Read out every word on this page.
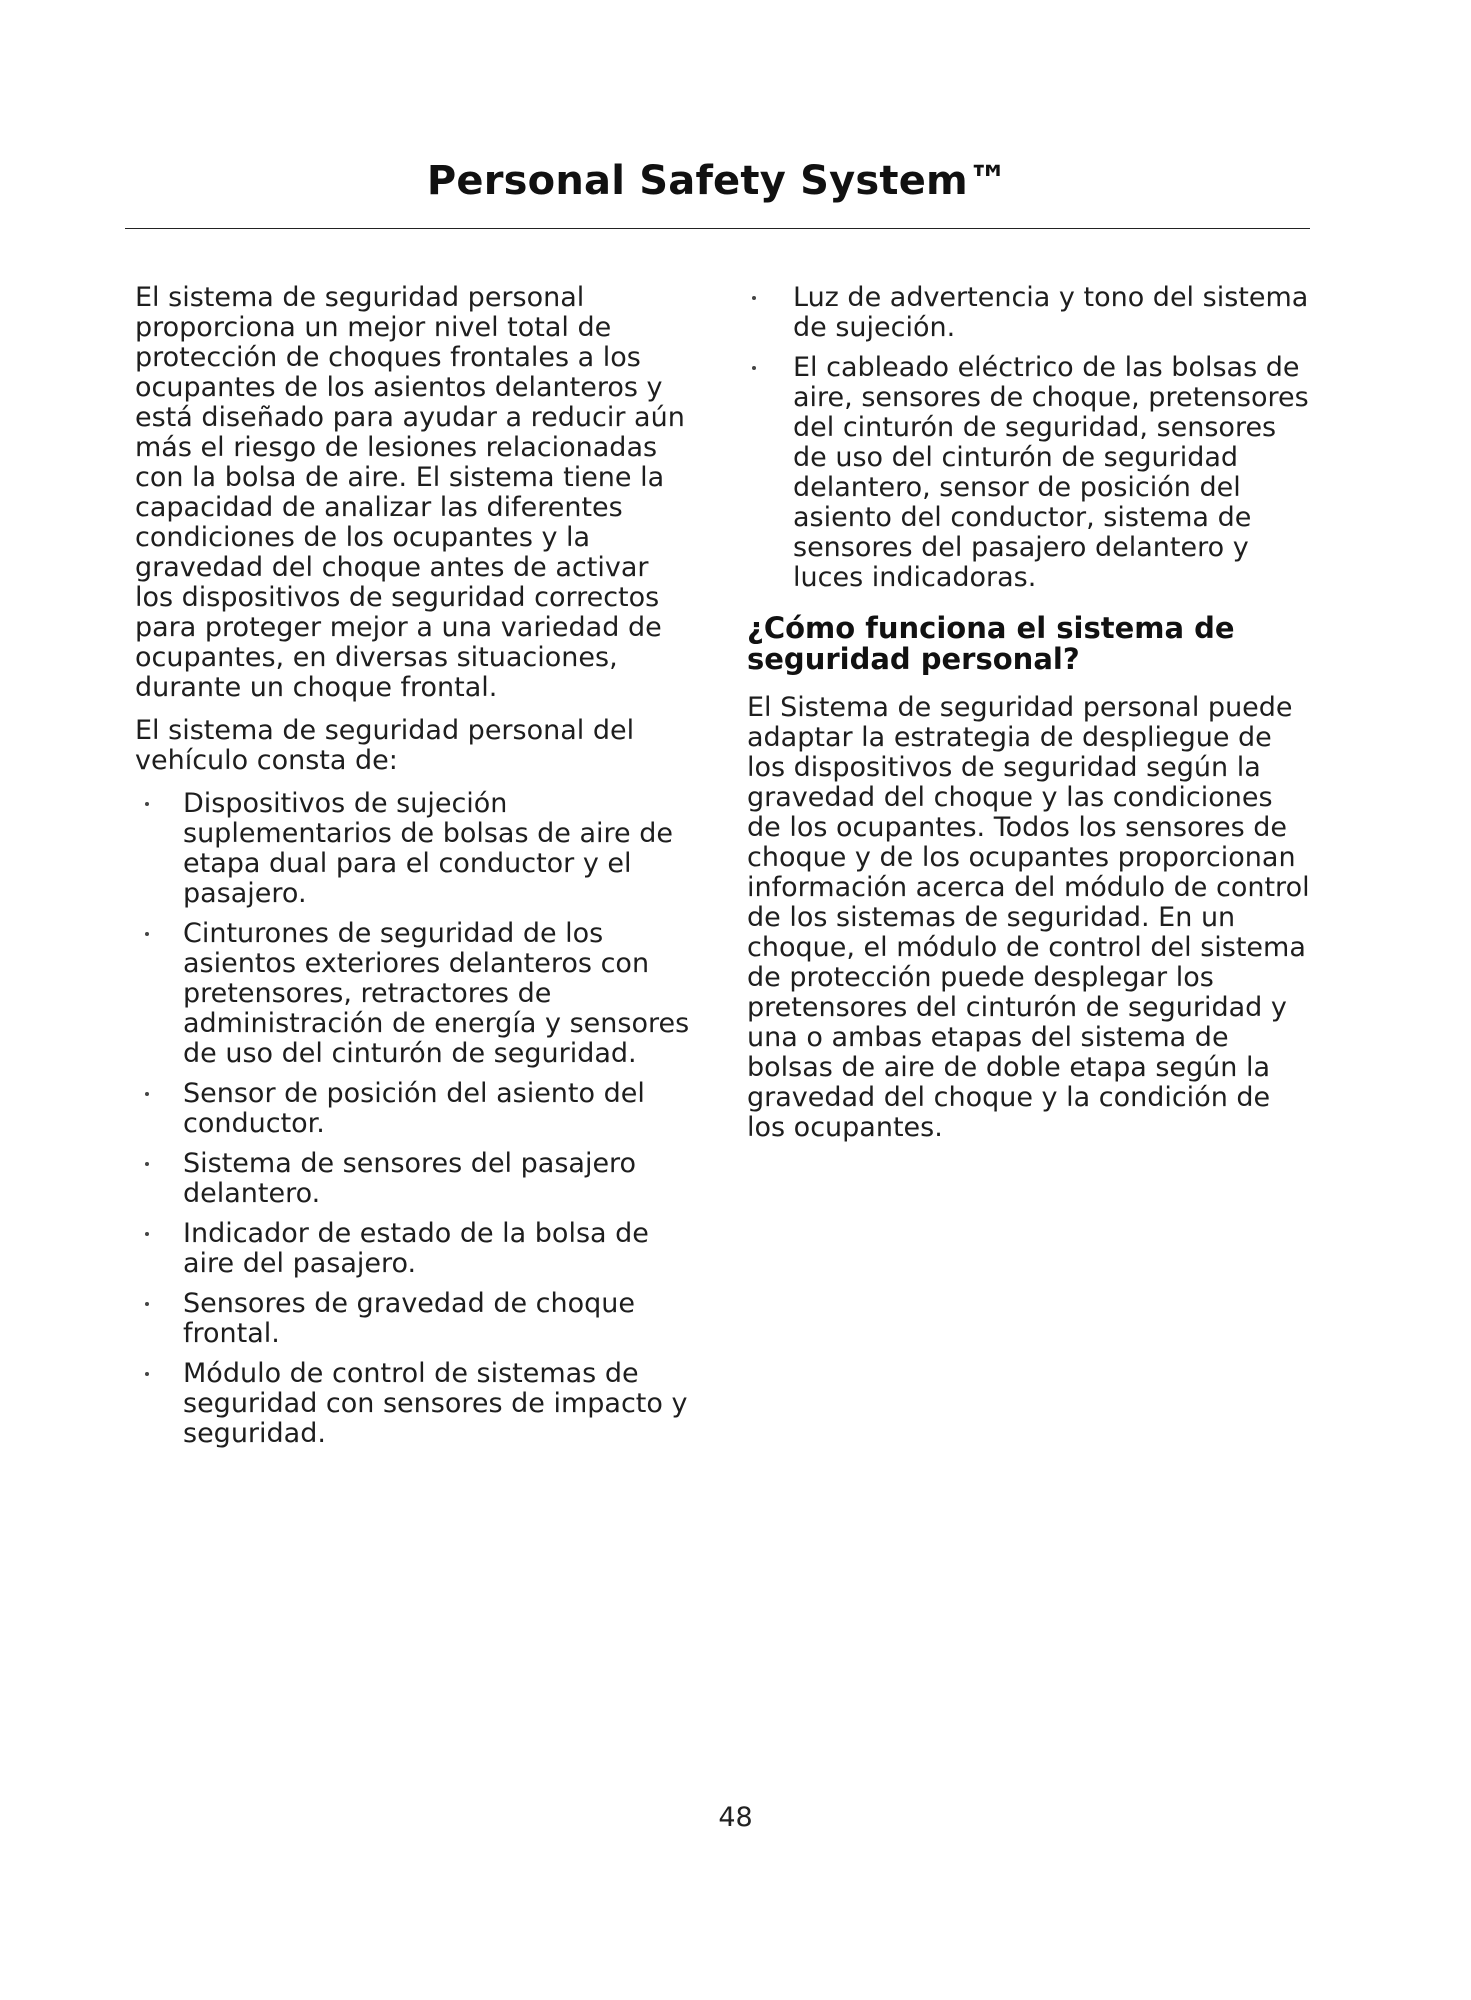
Personal Safety System™

El sistema de seguridad personal proporciona un mejor nivel total de protección de choques frontales a los ocupantes de los asientos delanteros y está diseñado para ayudar a reducir aún más el riesgo de lesiones relacionadas con la bolsa de aire. El sistema tiene la capacidad de analizar las diferentes condiciones de los ocupantes y la gravedad del choque antes de activar los dispositivos de seguridad correctos para proteger mejor a una variedad de ocupantes, en diversas situaciones, durante un choque frontal.

El sistema de seguridad personal del vehículo consta de:

Dispositivos de sujeción suplementarios de bolsas de aire de etapa dual para el conductor y el pasajero.
Cinturones de seguridad de los asientos exteriores delanteros con pretensores, retractores de administración de energía y sensores de uso del cinturón de seguridad.
Sensor de posición del asiento del conductor.
Sistema de sensores del pasajero delantero.
Indicador de estado de la bolsa de aire del pasajero.
Sensores de gravedad de choque frontal.
Módulo de control de sistemas de seguridad con sensores de impacto y seguridad.
Luz de advertencia y tono del sistema de sujeción.
El cableado eléctrico de las bolsas de aire, sensores de choque, pretensores del cinturón de seguridad, sensores de uso del cinturón de seguridad delantero, sensor de posición del asiento del conductor, sistema de sensores del pasajero delantero y luces indicadoras.
¿Cómo funciona el sistema de seguridad personal?

El Sistema de seguridad personal puede adaptar la estrategia de despliegue de los dispositivos de seguridad según la gravedad del choque y las condiciones de los ocupantes. Todos los sensores de choque y de los ocupantes proporcionan información acerca del módulo de control de los sistemas de seguridad. En un choque, el módulo de control del sistema de protección puede desplegar los pretensores del cinturón de seguridad y una o ambas etapas del sistema de bolsas de aire de doble etapa según la gravedad del choque y la condición de los ocupantes.

48
